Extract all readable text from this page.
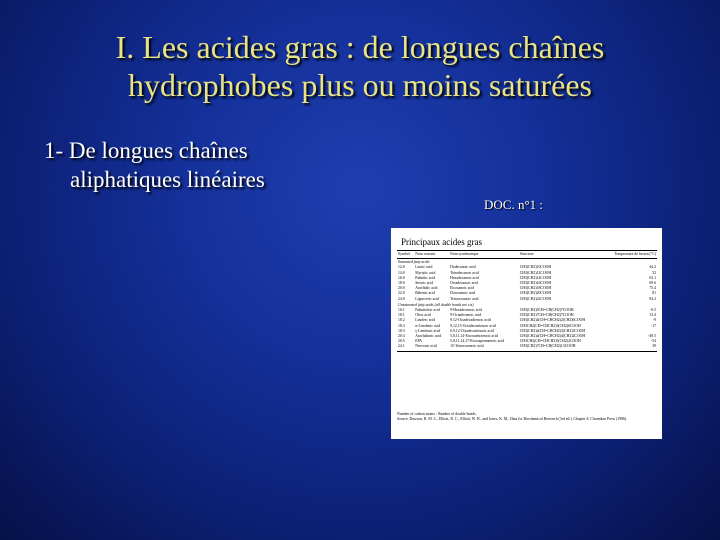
I. Les acides gras : de longues chaînes
hydrophobes plus ou moins saturées
1- De longues chaînes
aliphatiques linéaires
DOC. n°1 :
Principaux acides gras
Symbol	Nom courant	Nom systématique	Structure	Temperature de fusion (°C)
Saturated fatty acids				
12:0	Lauric acid	Dodecanoic acid	CH3(CH2)10COOH	44.2
14:0	Myristic acid	Tetradecanoic acid	CH3(CH2)12COOH	52
16:0	Palmitic acid	Hexadecanoic acid	CH3(CH2)14COOH	63.1
18:0	Stearic acid	Octadecanoic acid	CH3(CH2)16COOH	69.6
20:0	Arachidic acid	Eicosanoic acid	CH3(CH2)18COOH	75.4
22:0	Behenic acid	Docosanoic acid	CH3(CH2)20COOH	81
24:0	Lignoceric acid	Tetracosanoic acid	CH3(CH2)22COOH	84.2
Unsaturated fatty acids (all double bonds are cis)				
16:1	Palmitoleic acid	9-Hexadecenoic acid	CH3(CH2)5CH=CH(CH2)7COOH	-0.5
18:1	Oleic acid	9-Octadecenoic acid	CH3(CH2)7CH=CH(CH2)7COOH	13.4
18:2	Linoleic acid	9,12-Octadecadienoic acid	CH3(CH2)4(CH=CHCH2)2(CH2)6COOH	-9
18:3	α-Linolenic acid	9,12,15-Octadecatrienoic acid	CH3CH2(CH=CHCH2)3(CH2)6COOH	-17
18:3	γ-Linolenic acid	6,9,12-Octadecatrienoic acid	CH3(CH2)4(CH=CHCH2)3(CH2)3COOH	
20:4	Arachidonic acid	5,8,11,14-Eicosatetraenoic acid	CH3(CH2)4(CH=CHCH2)4(CH2)2COOH	-49.5
20:5	EPA	5,8,11,14,17-Eicosapentaenoic acid	CH3CH2(CH=CHCH2)5(CH2)2COOH	-54
24:1	Nervonic acid	15-Tetracosenoic acid	CH3(CH2)7CH=CH(CH2)13COOH	39
Number of carbon atoms : Number of double bonds.
Source: Dawson, R. M. C., Elliott, D. C., Elliott, W. H., and Jones, K. M., Data for Biochemical Research (3rd ed.), Chapter 8, Clarendon Press (1986).
